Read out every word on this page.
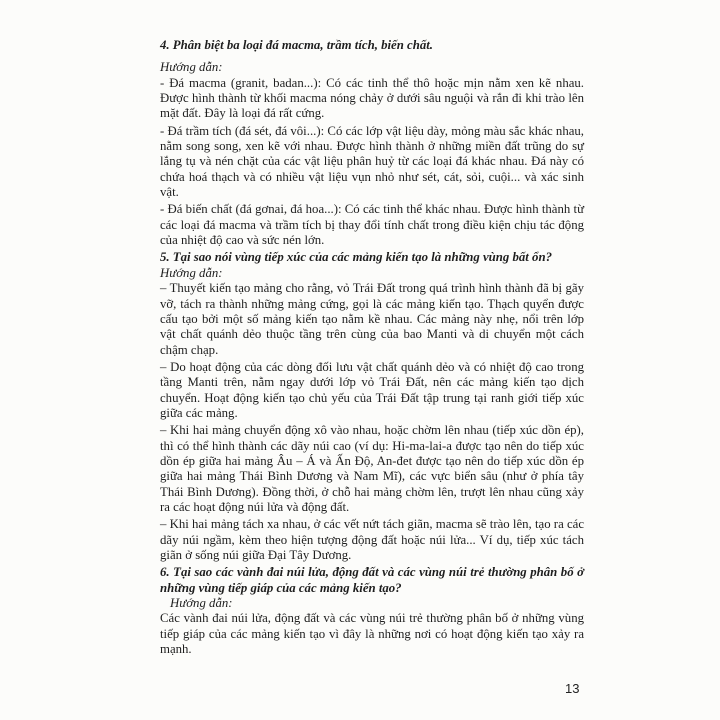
4. Phân biệt ba loại đá macma, trầm tích, biến chất.

Hướng dẫn:

- Đá macma (granit, badan...): Có các tinh thể thô hoặc mịn nằm xen kẽ nhau. Được hình thành từ khối macma nóng chảy ở dưới sâu nguội và rắn đi khi trào lên mặt đất. Đây là loại đá rất cứng.

- Đá trầm tích (đá sét, đá vôi...): Có các lớp vật liệu dày, mỏng màu sắc khác nhau, nằm song song, xen kẽ với nhau. Được hình thành ở những miền đất trũng do sự lắng tụ và nén chặt của các vật liệu phân huỷ từ các loại đá khác nhau. Đá này có chứa hoá thạch và có nhiều vật liệu vụn nhỏ như sét, cát, sỏi, cuội... và xác sinh vật.

- Đá biến chất (đá gơnai, đá hoa...): Có các tinh thể khác nhau. Được hình thành từ các loại đá macma và trầm tích bị thay đổi tính chất trong điều kiện chịu tác động của nhiệt độ cao và sức nén lớn.

5. Tại sao nói vùng tiếp xúc của các mảng kiến tạo là những vùng bất ổn?

Hướng dẫn:

– Thuyết kiến tạo mảng cho rằng, vỏ Trái Đất trong quá trình hình thành đã bị gãy vỡ, tách ra thành những mảng cứng, gọi là các mảng kiến tạo. Thạch quyển được cấu tạo bởi một số mảng kiến tạo nằm kề nhau. Các mảng này nhẹ, nổi trên lớp vật chất quánh dẻo thuộc tầng trên cùng của bao Manti và di chuyển một cách chậm chạp.

– Do hoạt động của các dòng đối lưu vật chất quánh dẻo và có nhiệt độ cao trong tầng Manti trên, nằm ngay dưới lớp vỏ Trái Đất, nên các mảng kiến tạo dịch chuyển. Hoạt động kiến tạo chủ yếu của Trái Đất tập trung tại ranh giới tiếp xúc giữa các mảng.

– Khi hai mảng chuyển động xô vào nhau, hoặc chờm lên nhau (tiếp xúc dồn ép), thì có thể hình thành các dãy núi cao (ví dụ: Hi-ma-lai-a được tạo nên do tiếp xúc dồn ép giữa hai mảng Âu – Á và Ấn Độ, An-đet được tạo nên do tiếp xúc dồn ép giữa hai mảng Thái Bình Dương và Nam Mĩ), các vực biển sâu (như ở phía tây Thái Bình Dương). Đồng thời, ở chỗ hai mảng chờm lên, trượt lên nhau cũng xảy ra các hoạt động núi lửa và động đất.

– Khi hai mảng tách xa nhau, ở các vết nứt tách giãn, macma sẽ trào lên, tạo ra các dãy núi ngầm, kèm theo hiện tượng động đất hoặc núi lửa... Ví dụ, tiếp xúc tách giãn ở sống núi giữa Đại Tây Dương.

6. Tại sao các vành đai núi lửa, động đất và các vùng núi trẻ thường phân bố ở những vùng tiếp giáp của các mảng kiến tạo?

Hướng dẫn:

Các vành đai núi lửa, động đất và các vùng núi trẻ thường phân bố ở những vùng tiếp giáp của các mảng kiến tạo vì đây là những nơi có hoạt động kiến tạo xảy ra mạnh.

13
